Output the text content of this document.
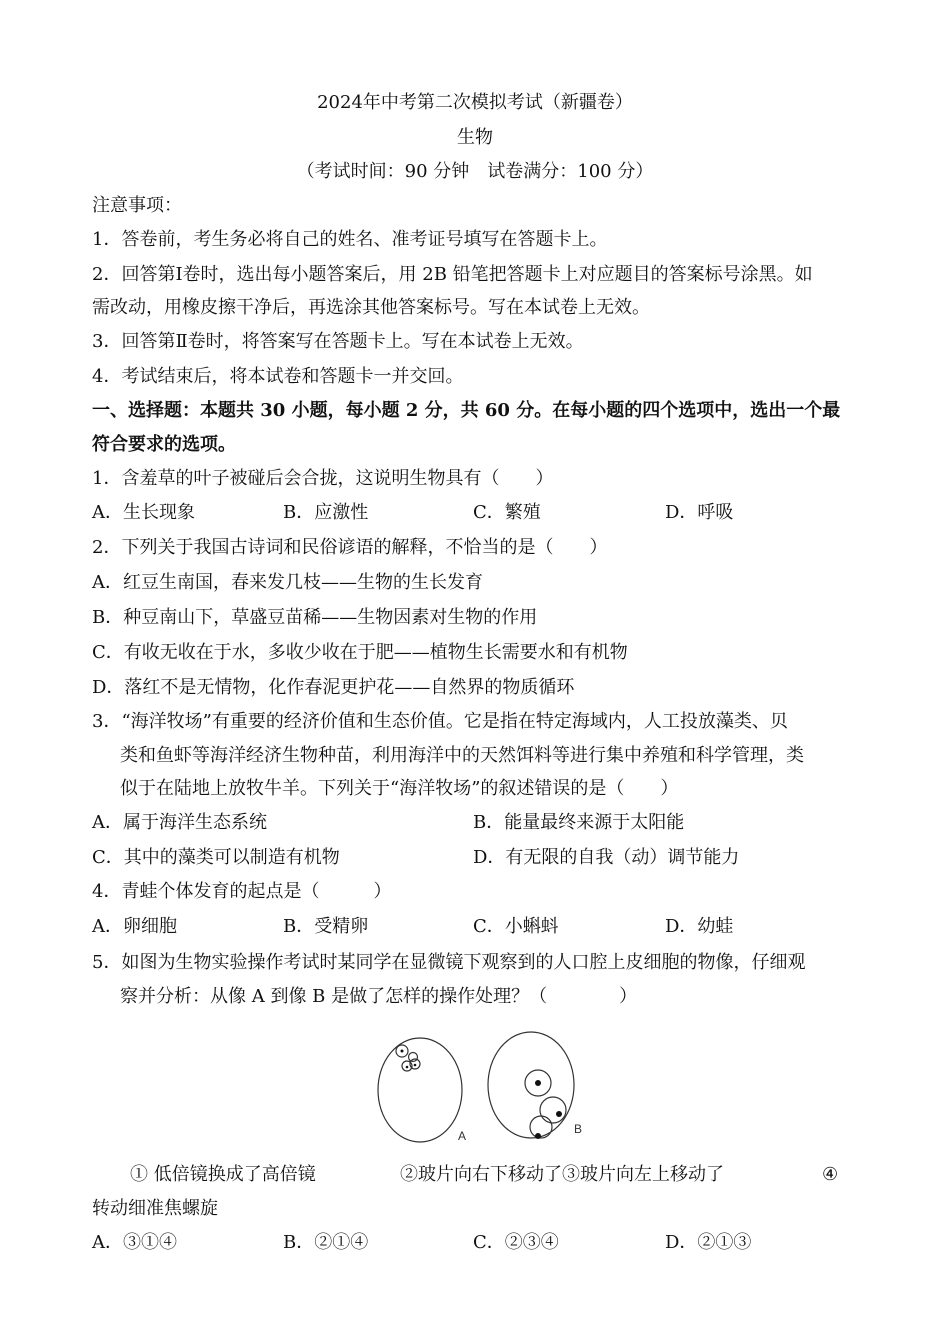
2024年中考第二次模拟考试（新疆卷）
生物
（考试时间：90 分钟　试卷满分：100 分）
注意事项：
1．答卷前，考生务必将自己的姓名、准考证号填写在答题卡上。
2．回答第Ⅰ卷时，选出每小题答案后，用 2B 铅笔把答题卡上对应题目的答案标号涂黑。如
需改动，用橡皮擦干净后，再选涂其他答案标号。写在本试卷上无效。
3．回答第Ⅱ卷时，将答案写在答题卡上。写在本试卷上无效。
4．考试结束后，将本试卷和答题卡一并交回。
一、选择题：本题共 30 小题，每小题 2 分，共 60 分。在每小题的四个选项中，选出一个最
符合要求的选项。
1．含羞草的叶子被碰后会合拢，这说明生物具有（　　）
A．生长现象	B．应激性	C．繁殖	D．呼吸
2．下列关于我国古诗词和民俗谚语的解释，不恰当的是（　　）
A．红豆生南国，春来发几枝——生物的生长发育
B．种豆南山下，草盛豆苗稀——生物因素对生物的作用
C．有收无收在于水，多收少收在于肥——植物生长需要水和有机物
D．落红不是无情物，化作春泥更护花——自然界的物质循环
3．“海洋牧场”有重要的经济价值和生态价值。它是指在特定海域内，人工投放藻类、贝
类和鱼虾等海洋经济生物种苗，利用海洋中的天然饵料等进行集中养殖和科学管理，类
似于在陆地上放牧牛羊。下列关于“海洋牧场”的叙述错误的是（　　）
A．属于海洋生态系统	B．能量最终来源于太阳能
C．其中的藻类可以制造有机物	D．有无限的自我（动）调节能力
4．青蛙个体发育的起点是（　　　）
A．卵细胞	B．受精卵	C．小蝌蚪	D．幼蛙
5．如图为生物实验操作考试时某同学在显微镜下观察到的人口腔上皮细胞的物像，仔细观
察并分析：从像 A 到像 B 是做了怎样的操作处理？（　　　　）
A	B
① 低倍镜换成了高倍镜	②玻片向右下移动了③玻片向左上移动了	④
转动细准焦螺旋
A．③①④	B．②①④	C．②③④	D．②①③
